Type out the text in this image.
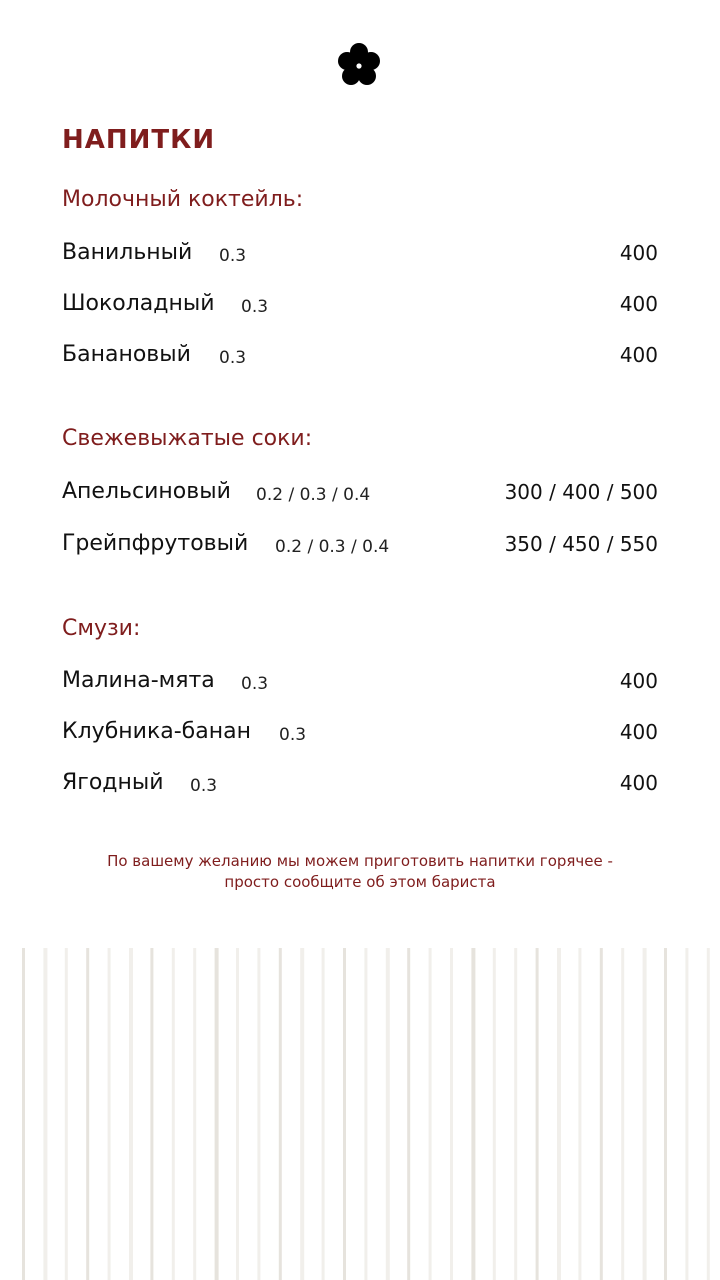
НАПИТКИ
Молочный коктейль:
Ванильный 0.3	400
Шоколадный 0.3	400
Банановый 0.3	400
Свежевыжатые соки:
Апельсиновый 0.2 / 0.3 / 0.4	300 / 400 / 500
Грейпфрутовый 0.2 / 0.3 / 0.4	350 / 450 / 550
Смузи:
Малина-мята 0.3	400
Клубника-банан 0.3	400
Ягодный 0.3	400

По вашему желанию мы можем приготовить напитки горячее -
просто сообщите об этом бариста
